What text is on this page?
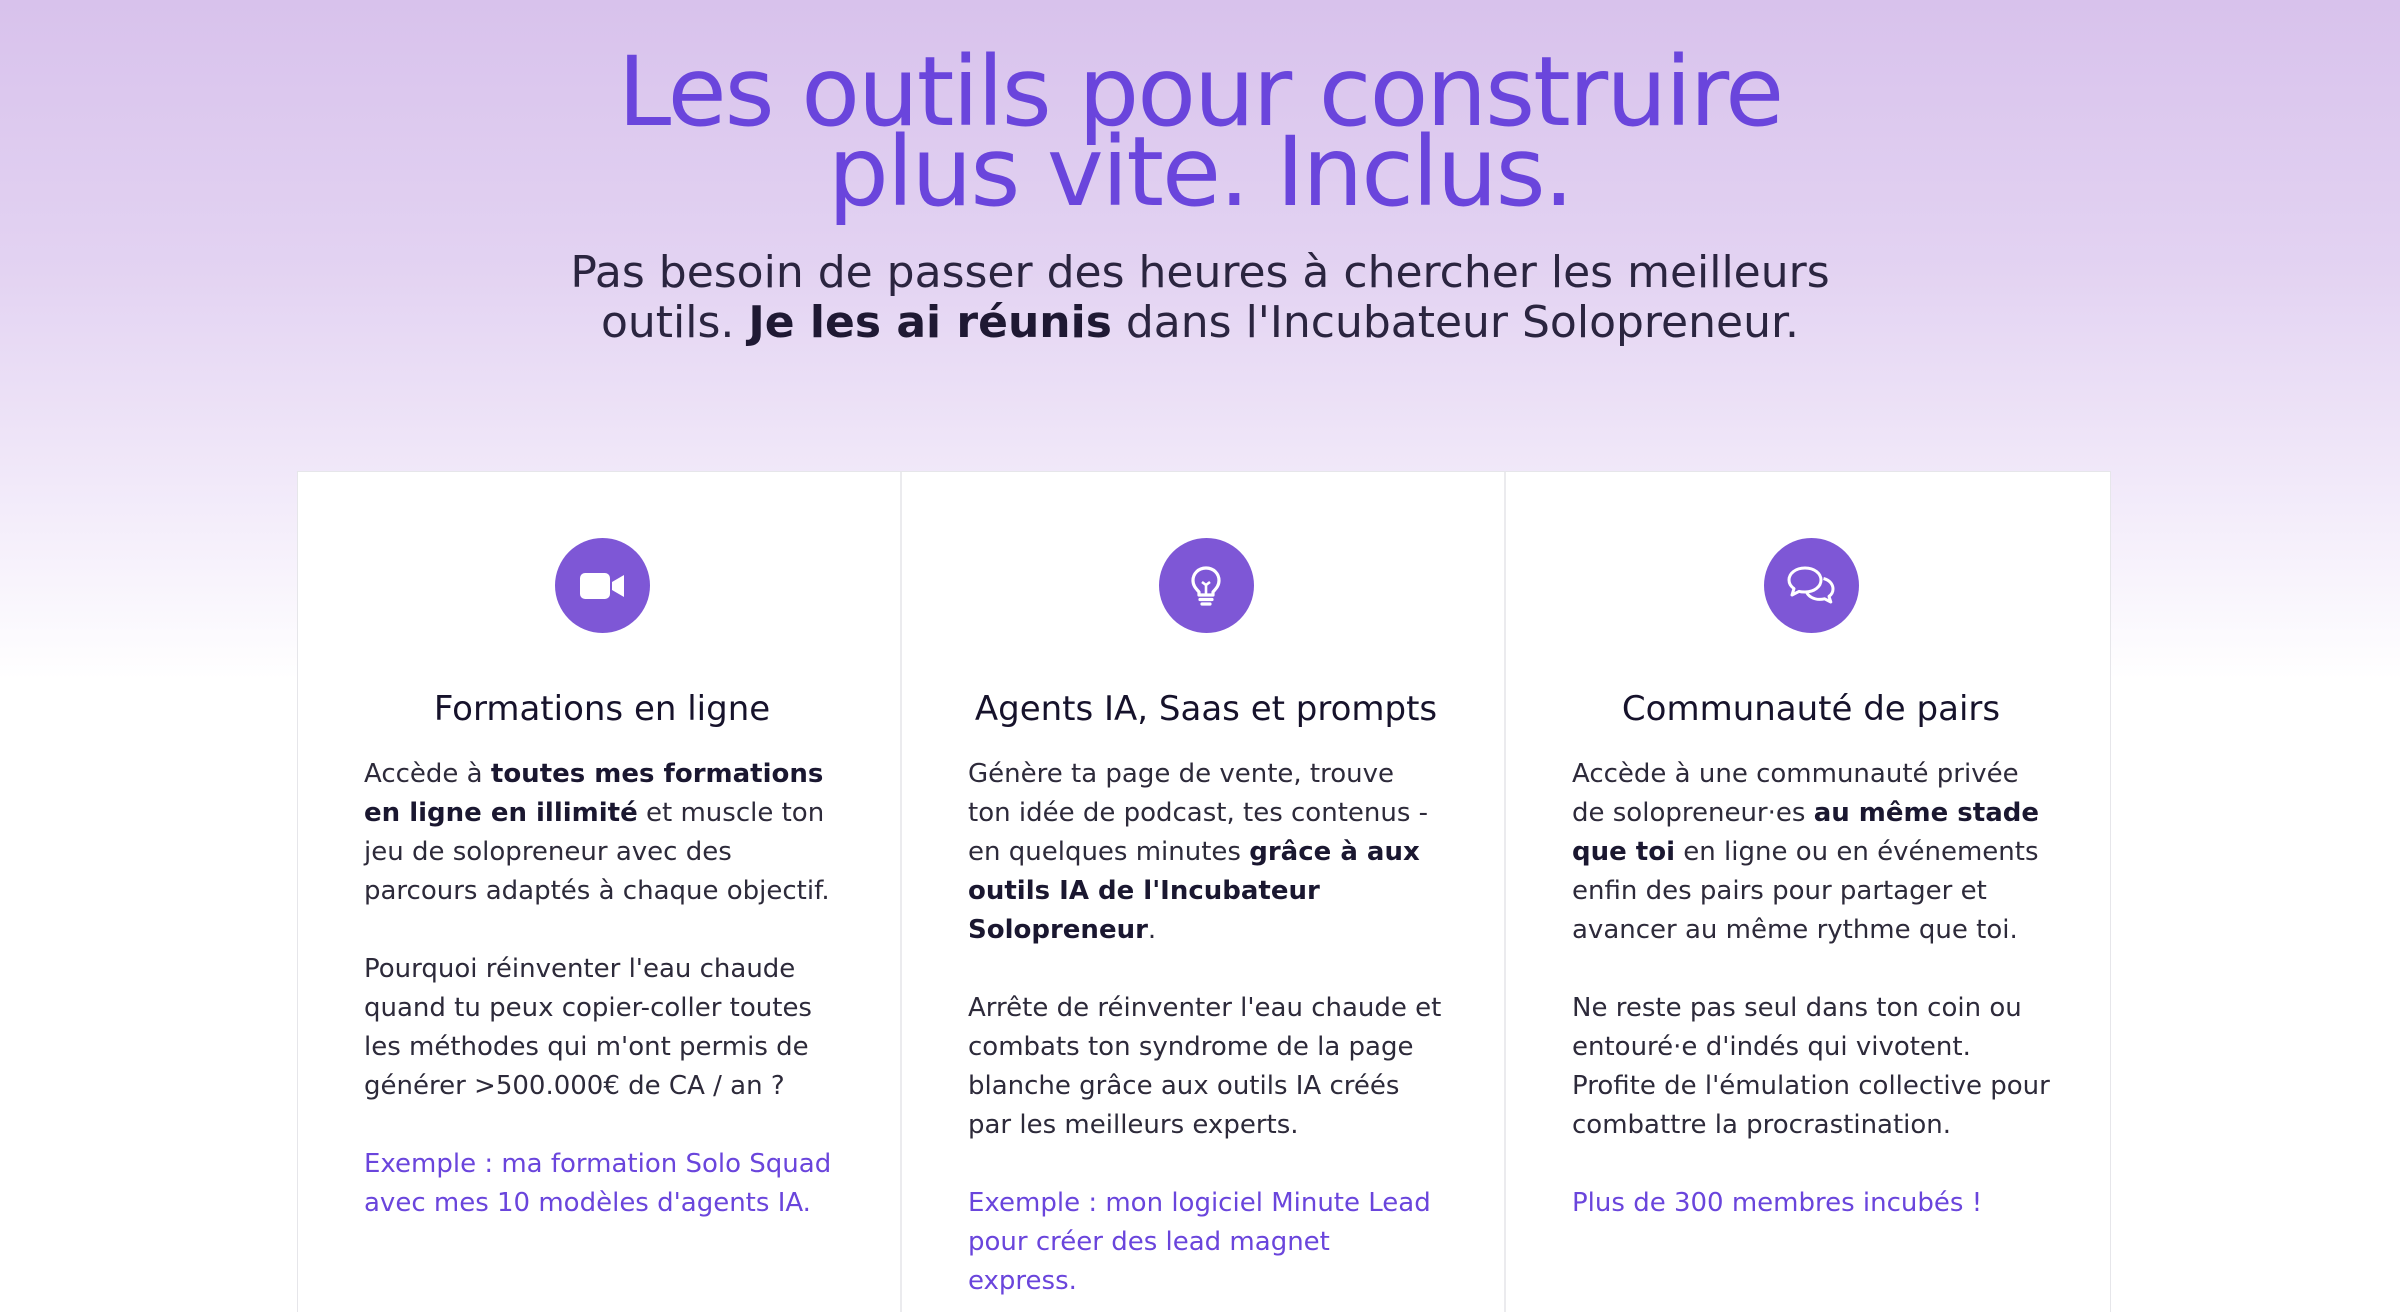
Les outils pour construire
plus vite. Inclus.

Pas besoin de passer des heures à chercher les meilleurs outils. Je les ai réunis dans l'Incubateur Solopreneur.

Formations en ligne

Accède à toutes mes formations en ligne en illimité et muscle ton jeu de solopreneur avec des parcours adaptés à chaque objectif.

Pourquoi réinventer l'eau chaude quand tu peux copier-coller toutes les méthodes qui m'ont permis de générer >500.000€ de CA / an ?

Exemple : ma formation Solo Squad avec mes 10 modèles d'agents IA.
Agents IA, Saas et prompts

Génère ta page de vente, trouve ton idée de podcast, tes contenus - en quelques minutes grâce à aux outils IA de l'Incubateur Solopreneur.

Arrête de réinventer l'eau chaude et combats ton syndrome de la page blanche grâce aux outils IA créés par les meilleurs experts.

Exemple : mon logiciel Minute Lead pour créer des lead magnet express.
Communauté de pairs

Accède à une communauté privée de solopreneur·es au même stade que toi en ligne ou en événements enfin des pairs pour partager et avancer au même rythme que toi.

Ne reste pas seul dans ton coin ou entouré·e d'indés qui vivotent. Profite de l'émulation collective pour combattre la procrastination.

Plus de 300 membres incubés !
